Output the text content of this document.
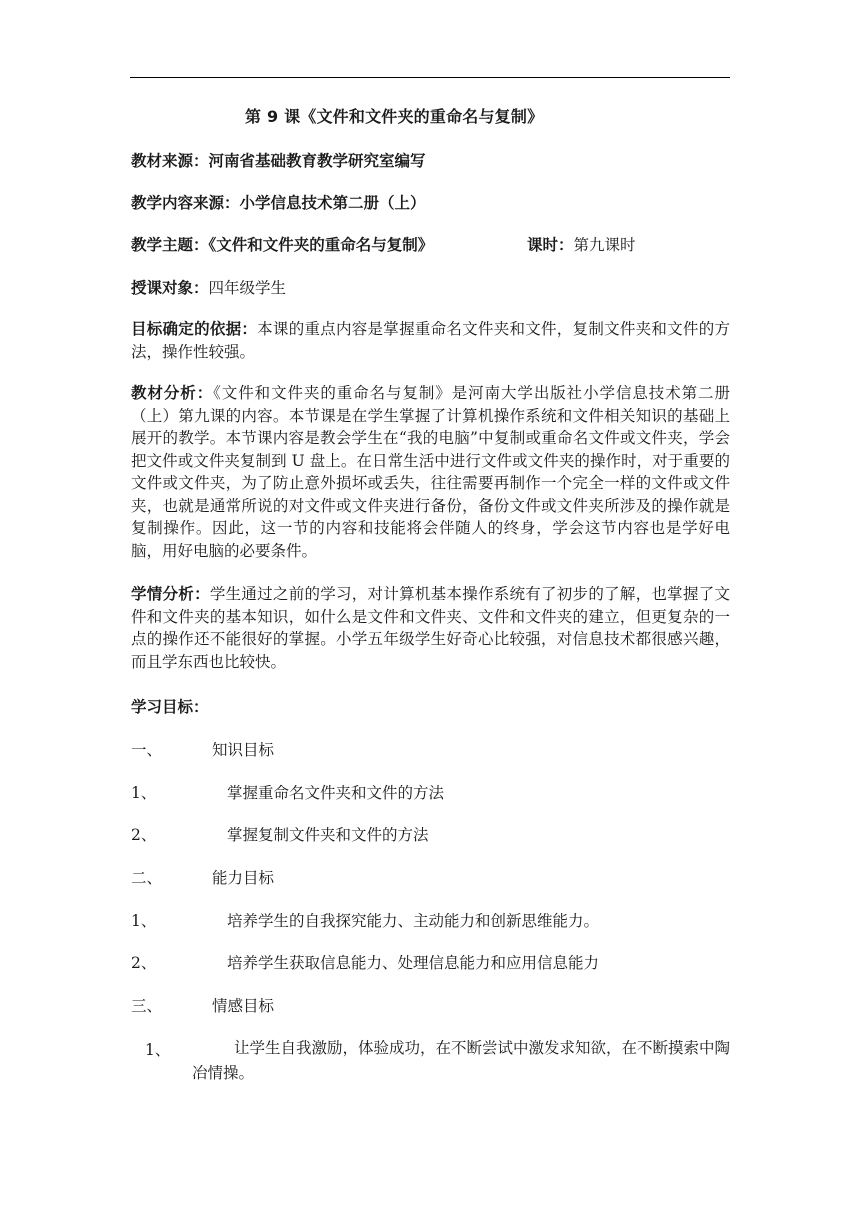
第 9 课《文件和文件夹的重命名与复制》
教材来源：河南省基础教育教学研究室编写
教学内容来源：小学信息技术第二册（上）
教学主题：《文件和文件夹的重命名与复制》	课时：第九课时
授课对象：四年级学生
目标确定的依据：本课的重点内容是掌握重命名文件夹和文件，复制文件夹和文件的方法，操作性较强。
教材分析：《文件和文件夹的重命名与复制》是河南大学出版社小学信息技术第二册（上）第九课的内容。本节课是在学生掌握了计算机操作系统和文件相关知识的基础上展开的教学。本节课内容是教会学生在“我的电脑”中复制或重命名文件或文件夹，学会把文件或文件夹复制到 U 盘上。在日常生活中进行文件或文件夹的操作时，对于重要的文件或文件夹，为了防止意外损坏或丢失，往往需要再制作一个完全一样的文件或文件夹，也就是通常所说的对文件或文件夹进行备份，备份文件或文件夹所涉及的操作就是复制操作。因此，这一节的内容和技能将会伴随人的终身，学会这节内容也是学好电脑，用好电脑的必要条件。
学情分析：学生通过之前的学习，对计算机基本操作系统有了初步的了解，也掌握了文件和文件夹的基本知识，如什么是文件和文件夹、文件和文件夹的建立，但更复杂的一点的操作还不能很好的掌握。小学五年级学生好奇心比较强，对信息技术都很感兴趣，而且学东西也比较快。
学习目标：
一、	知识目标
1、	掌握重命名文件夹和文件的方法
2、	掌握复制文件夹和文件的方法
二、	能力目标
1、	培养学生的自我探究能力、主动能力和创新思维能力。
2、	培养学生获取信息能力、处理信息能力和应用信息能力
三、	情感目标
1、	让学生自我激励，体验成功，在不断尝试中激发求知欲，在不断摸索中陶冶情操。
